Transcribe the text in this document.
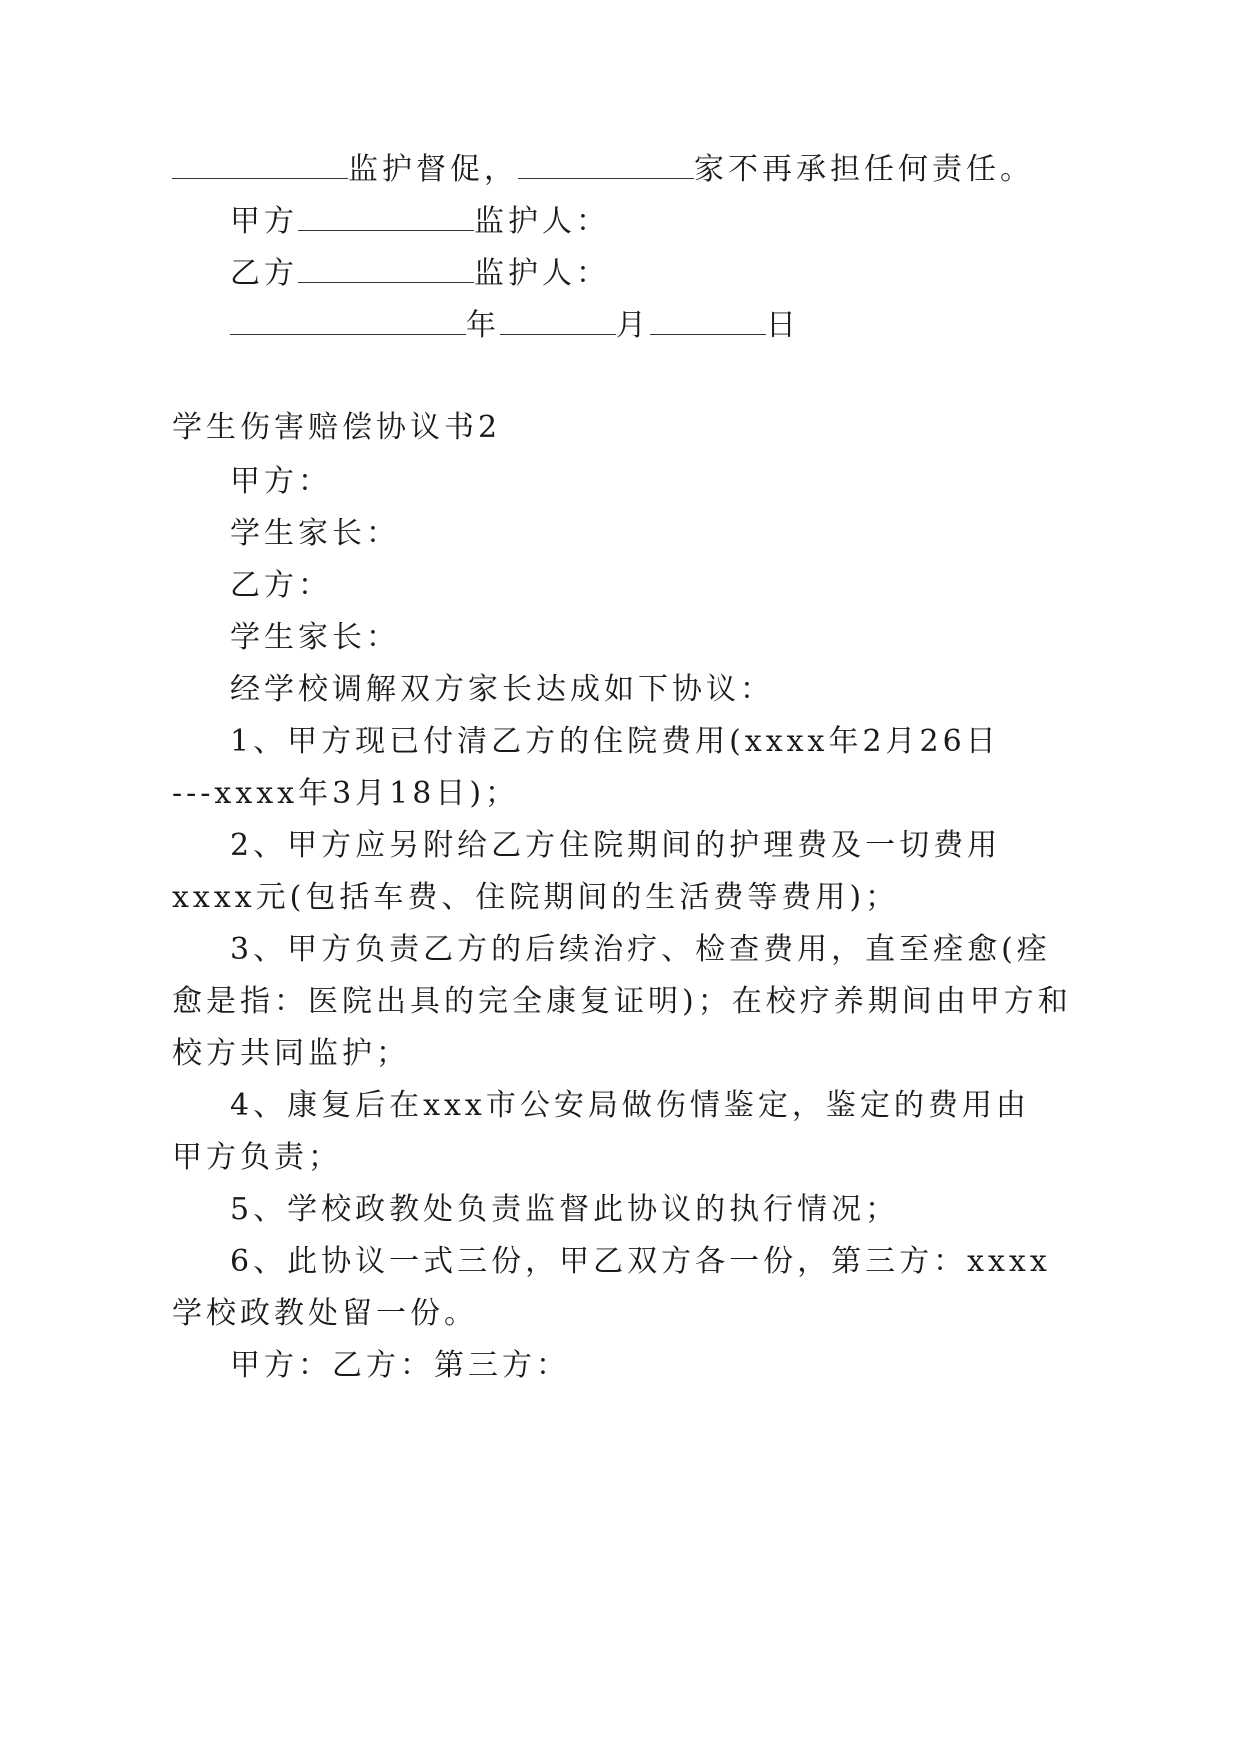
监护督促，	家不再承担任何责任。
甲方	监护人：
乙方	监护人：
年	月	日
学生伤害赔偿协议书2
甲方：
学生家长：
乙方：
学生家长：
经学校调解双方家长达成如下协议：
1、甲方现已付清乙方的住院费用(xxxx年2月26日
---xxxx年3月18日)；
2、甲方应另附给乙方住院期间的护理费及一切费用
xxxx元(包括车费、住院期间的生活费等费用)；
3、甲方负责乙方的后续治疗、检查费用，直至痊愈(痊
愈是指：医院出具的完全康复证明)；在校疗养期间由甲方和
校方共同监护；
4、康复后在xxx市公安局做伤情鉴定，鉴定的费用由
甲方负责；
5、学校政教处负责监督此协议的执行情况；
6、此协议一式三份，甲乙双方各一份，第三方：xxxx
学校政教处留一份。
甲方：乙方：第三方：
